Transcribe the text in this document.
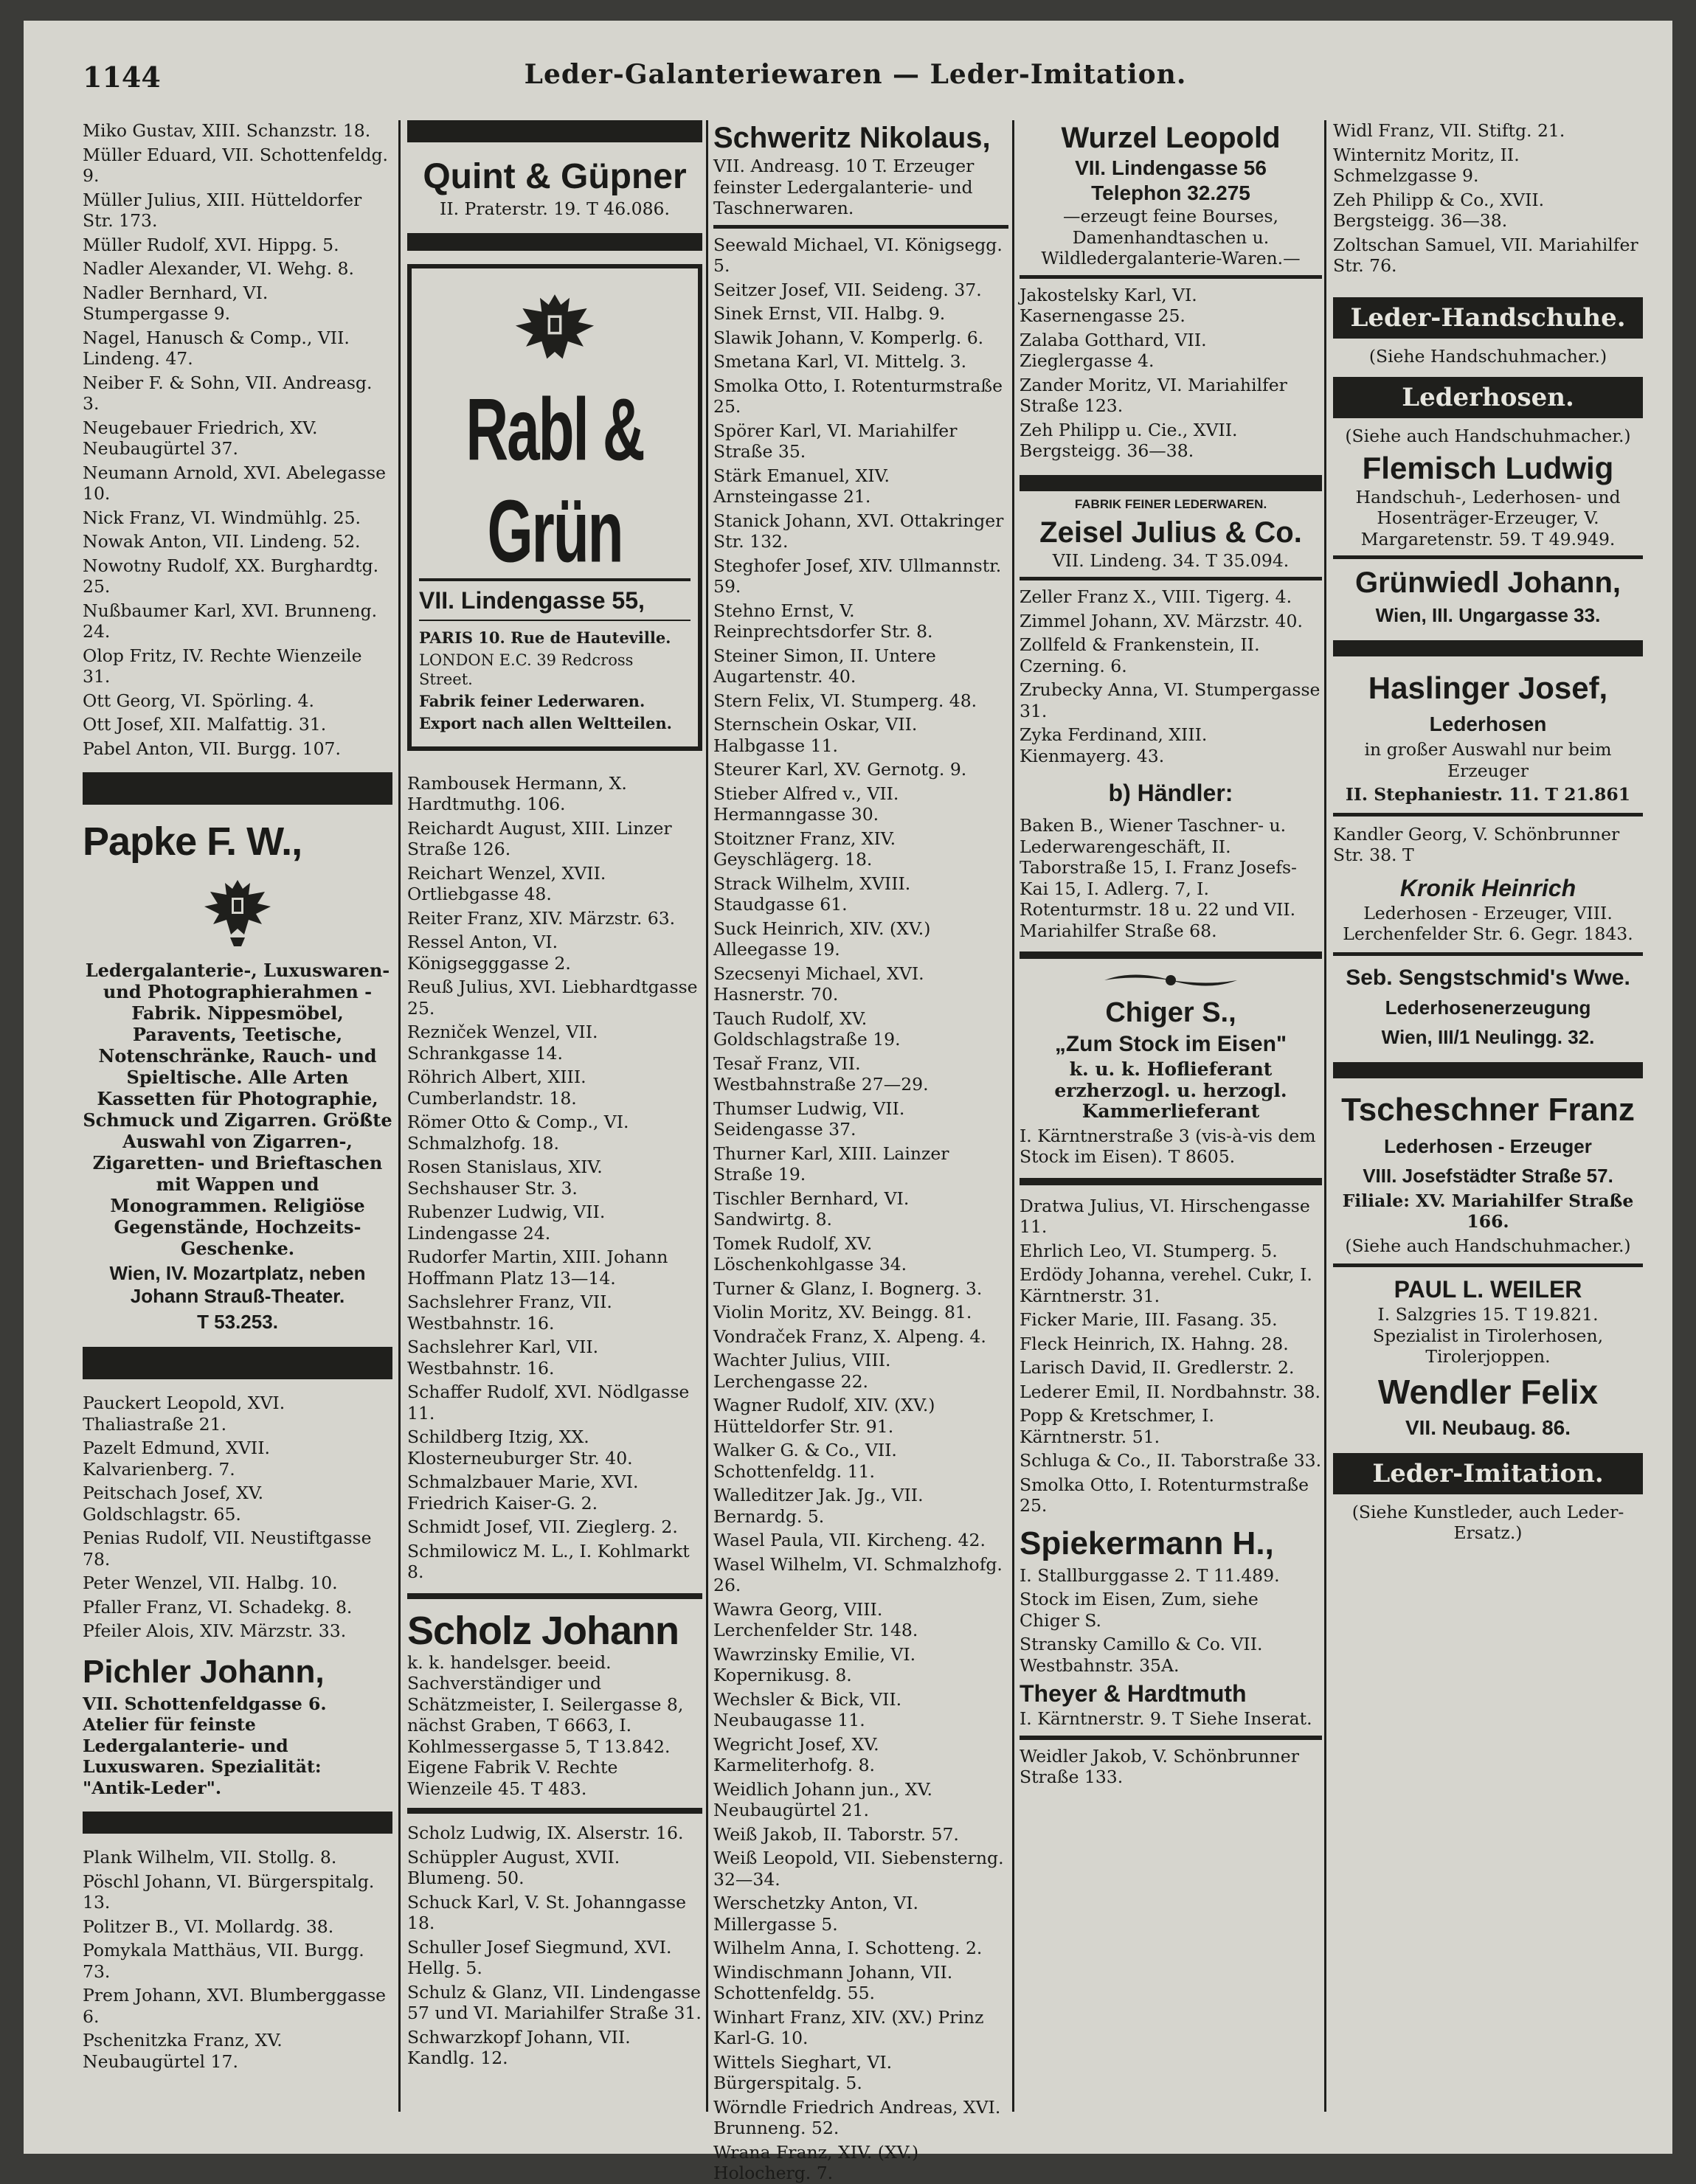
1144	Leder-Galanteriewaren — Leder-Imitation.
Miko Gustav, XIII. Schanzstr. 18.
Müller Eduard, VII. Schottenfeldg. 9.
Müller Julius, XIII. Hütteldorfer Str. 173.
Müller Rudolf, XVI. Hippg. 5.
Nadler Alexander, VI. Wehg. 8.
Nadler Bernhard, VI. Stumpergasse 9.
Nagel, Hanusch & Comp., VII. Lindeng. 47.
Neiber F. & Sohn, VII. Andreasg. 3.
Neugebauer Friedrich, XV. Neubaugürtel 37.
Neumann Arnold, XVI. Abelegasse 10.
Nick Franz, VI. Windmühlg. 25.
Nowak Anton, VII. Lindeng. 52.
Nowotny Rudolf, XX. Burghardtg. 25.
Nußbaumer Karl, XVI. Brunneng. 24.
Olop Fritz, IV. Rechte Wienzeile 31.
Ott Georg, VI. Spörling. 4.
Ott Josef, XII. Malfattig. 31.
Pabel Anton, VII. Burgg. 107.
Papke F. W.,
Ledergalanterie-, Luxuswaren- und Photographierahmen - Fabrik. Nippesmöbel, Paravents, Teetische, Notenschränke, Rauch- und Spieltische. Alle Arten Kassetten für Photographie, Schmuck und Zigarren. Größte Auswahl von Zigarren-, Zigaretten- und Brieftaschen mit Wappen und Monogrammen. Religiöse Gegenstände, Hochzeits-Geschenke.
Wien, IV. Mozartplatz, neben Johann Strauß-Theater.
T 53.253.
Pauckert Leopold, XVI. Thaliastraße 21.
Pazelt Edmund, XVII. Kalvarienberg. 7.
Peitschach Josef, XV. Goldschlagstr. 65.
Penias Rudolf, VII. Neustiftgasse 78.
Peter Wenzel, VII. Halbg. 10.
Pfaller Franz, VI. Schadekg. 8.
Pfeiler Alois, XIV. Märzstr. 33.
Pichler Johann,
VII. Schottenfeldgasse 6. Atelier für feinste Ledergalanterie- und Luxuswaren. Spezialität: "Antik-Leder".
Plank Wilhelm, VII. Stollg. 8.
Pöschl Johann, VI. Bürgerspitalg. 13.
Politzer B., VI. Mollardg. 38.
Pomykala Matthäus, VII. Burgg. 73.
Prem Johann, XVI. Blumberggasse 6.
Pschenitzka Franz, XV. Neubaugürtel 17.
Quint & Güpner
II. Praterstr. 19. T 46.086.
Rabl & Grün
VII. Lindengasse 55,
PARIS 10. Rue de Hauteville.
LONDON E.C. 39 Redcross Street.
Fabrik feiner Lederwaren.
Export nach allen Weltteilen.
Rambousek Hermann, X. Hardtmuthg. 106.
Reichardt August, XIII. Linzer Straße 126.
Reichart Wenzel, XVII. Ortliebgasse 48.
Reiter Franz, XIV. Märzstr. 63.
Ressel Anton, VI. Königsegggasse 2.
Reuß Julius, XVI. Liebhardtgasse 25.
Rezniček Wenzel, VII. Schrankgasse 14.
Röhrich Albert, XIII. Cumberlandstr. 18.
Römer Otto & Comp., VI. Schmalzhofg. 18.
Rosen Stanislaus, XIV. Sechshauser Str. 3.
Rubenzer Ludwig, VII. Lindengasse 24.
Rudorfer Martin, XIII. Johann Hoffmann Platz 13—14.
Sachslehrer Franz, VII. Westbahnstr. 16.
Sachslehrer Karl, VII. Westbahnstr. 16.
Schaffer Rudolf, XVI. Nödlgasse 11.
Schildberg Itzig, XX. Klosterneuburger Str. 40.
Schmalzbauer Marie, XVI. Friedrich Kaiser-G. 2.
Schmidt Josef, VII. Zieglerg. 2.
Schmilowicz M. L., I. Kohlmarkt 8.
Scholz Johann
k. k. handelsger. beeid. Sachverständiger und Schätzmeister, I. Seilergasse 8, nächst Graben, T 6663, I. Kohlmessergasse 5, T 13.842. Eigene Fabrik V. Rechte Wienzeile 45. T 483.
Scholz Ludwig, IX. Alserstr. 16.
Schüppler August, XVII. Blumeng. 50.
Schuck Karl, V. St. Johanngasse 18.
Schuller Josef Siegmund, XVI. Hellg. 5.
Schulz & Glanz, VII. Lindengasse 57 und VI. Mariahilfer Straße 31.
Schwarzkopf Johann, VII. Kandlg. 12.
Schweritz Nikolaus,
VII. Andreasg. 10 T. Erzeuger feinster Ledergalanterie- und Taschnerwaren.
Seewald Michael, VI. Königsegg. 5.
Seitzer Josef, VII. Seideng. 37.
Sinek Ernst, VII. Halbg. 9.
Slawik Johann, V. Komperlg. 6.
Smetana Karl, VI. Mittelg. 3.
Smolka Otto, I. Rotenturmstraße 25.
Spörer Karl, VI. Mariahilfer Straße 35.
Stärk Emanuel, XIV. Arnsteingasse 21.
Stanick Johann, XVI. Ottakringer Str. 132.
Steghofer Josef, XIV. Ullmannstr. 59.
Stehno Ernst, V. Reinprechtsdorfer Str. 8.
Steiner Simon, II. Untere Augartenstr. 40.
Stern Felix, VI. Stumperg. 48.
Sternschein Oskar, VII. Halbgasse 11.
Steurer Karl, XV. Gernotg. 9.
Stieber Alfred v., VII. Hermanngasse 30.
Stoitzner Franz, XIV. Geyschlägerg. 18.
Strack Wilhelm, XVIII. Staudgasse 61.
Suck Heinrich, XIV. (XV.) Alleegasse 19.
Szecsenyi Michael, XVI. Hasnerstr. 70.
Tauch Rudolf, XV. Goldschlagstraße 19.
Tesař Franz, VII. Westbahnstraße 27—29.
Thumser Ludwig, VII. Seidengasse 37.
Thurner Karl, XIII. Lainzer Straße 19.
Tischler Bernhard, VI. Sandwirtg. 8.
Tomek Rudolf, XV. Löschenkohlgasse 34.
Turner & Glanz, I. Bognerg. 3.
Violin Moritz, XV. Beingg. 81.
Vondraček Franz, X. Alpeng. 4.
Wachter Julius, VIII. Lerchengasse 22.
Wagner Rudolf, XIV. (XV.) Hütteldorfer Str. 91.
Walker G. & Co., VII. Schottenfeldg. 11.
Walleditzer Jak. Jg., VII. Bernardg. 5.
Wasel Paula, VII. Kircheng. 42.
Wasel Wilhelm, VI. Schmalzhofg. 26.
Wawra Georg, VIII. Lerchenfelder Str. 148.
Wawrzinsky Emilie, VI. Kopernikusg. 8.
Wechsler & Bick, VII. Neubaugasse 11.
Wegricht Josef, XV. Karmeliterhofg. 8.
Weidlich Johann jun., XV. Neubaugürtel 21.
Weiß Jakob, II. Taborstr. 57.
Weiß Leopold, VII. Siebensterng. 32—34.
Werschetzky Anton, VI. Millergasse 5.
Wilhelm Anna, I. Schotteng. 2.
Windischmann Johann, VII. Schottenfeldg. 55.
Winhart Franz, XIV. (XV.) Prinz Karl-G. 10.
Wittels Sieghart, VI. Bürgerspitalg. 5.
Wörndle Friedrich Andreas, XVI. Brunneng. 52.
Wrana Franz, XIV. (XV.) Holocherg. 7.
Wurzel Leopold
VII. Lindengasse 56
Telephon 32.275
—erzeugt feine Bourses, Damenhandtaschen u. Wildledergalanterie-Waren.—
Jakostelsky Karl, VI. Kasernengasse 25.
Zalaba Gotthard, VII. Zieglergasse 4.
Zander Moritz, VI. Mariahilfer Straße 123.
Zeh Philipp u. Cie., XVII. Bergsteigg. 36—38.
FABRIK FEINER LEDERWAREN.
Zeisel Julius & Co.
VII. Lindeng. 34. T 35.094.
Zeller Franz X., VIII. Tigerg. 4.
Zimmel Johann, XV. Märzstr. 40.
Zollfeld & Frankenstein, II. Czerning. 6.
Zrubecky Anna, VI. Stumpergasse 31.
Zyka Ferdinand, XIII. Kienmayerg. 43.
b) Händler:
Baken B., Wiener Taschner- u. Lederwarengeschäft, II. Taborstraße 15, I. Franz Josefs-Kai 15, I. Adlerg. 7, I. Rotenturmstr. 18 u. 22 und VII. Mariahilfer Straße 68.
Chiger S.,
„Zum Stock im Eisen"
k. u. k. Hoflieferant erzherzogl. u. herzogl. Kammerlieferant
I. Kärntnerstraße 3 (vis-à-vis dem Stock im Eisen). T 8605.
Dratwa Julius, VI. Hirschengasse 11.
Ehrlich Leo, VI. Stumperg. 5.
Erdödy Johanna, verehel. Cukr, I. Kärntnerstr. 31.
Ficker Marie, III. Fasang. 35.
Fleck Heinrich, IX. Hahng. 28.
Larisch David, II. Gredlerstr. 2.
Lederer Emil, II. Nordbahnstr. 38.
Popp & Kretschmer, I. Kärntnerstr. 51.
Schluga & Co., II. Taborstraße 33.
Smolka Otto, I. Rotenturmstraße 25.
Spiekermann H.,
I. Stallburggasse 2. T 11.489.
Stock im Eisen, Zum, siehe Chiger S.
Stransky Camillo & Co. VII. Westbahnstr. 35A.
Theyer & Hardtmuth
I. Kärntnerstr. 9. T Siehe Inserat.
Weidler Jakob, V. Schönbrunner Straße 133.
Widl Franz, VII. Stiftg. 21.
Winternitz Moritz, II. Schmelzgasse 9.
Zeh Philipp & Co., XVII. Bergsteigg. 36—38.
Zoltschan Samuel, VII. Mariahilfer Str. 76.
Leder-Handschuhe.
(Siehe Handschuhmacher.)
Lederhosen.
(Siehe auch Handschuhmacher.)
Flemisch Ludwig
Handschuh-, Lederhosen- und Hosenträger-Erzeuger, V. Margaretenstr. 59. T 49.949.
Grünwiedl Johann,
Wien, III. Ungargasse 33.
Haslinger Josef,
Lederhosen
in großer Auswahl nur beim Erzeuger
II. Stephaniestr. 11. T 21.861
Kandler Georg, V. Schönbrunner Str. 38. T
Kronik Heinrich
Lederhosen - Erzeuger, VIII. Lerchenfelder Str. 6. Gegr. 1843.
Seb. Sengstschmid's Wwe.
Lederhosenerzeugung
Wien, III/1 Neulingg. 32.
Tscheschner Franz
Lederhosen - Erzeuger
VIII. Josefstädter Straße 57.
Filiale: XV. Mariahilfer Straße 166.
(Siehe auch Handschuhmacher.)
PAUL L. WEILER
I. Salzgries 15. T 19.821. Spezialist in Tirolerhosen, Tirolerjoppen.
Wendler Felix
VII. Neubaug. 86.
Leder-Imitation.
(Siehe Kunstleder, auch Leder-Ersatz.)
